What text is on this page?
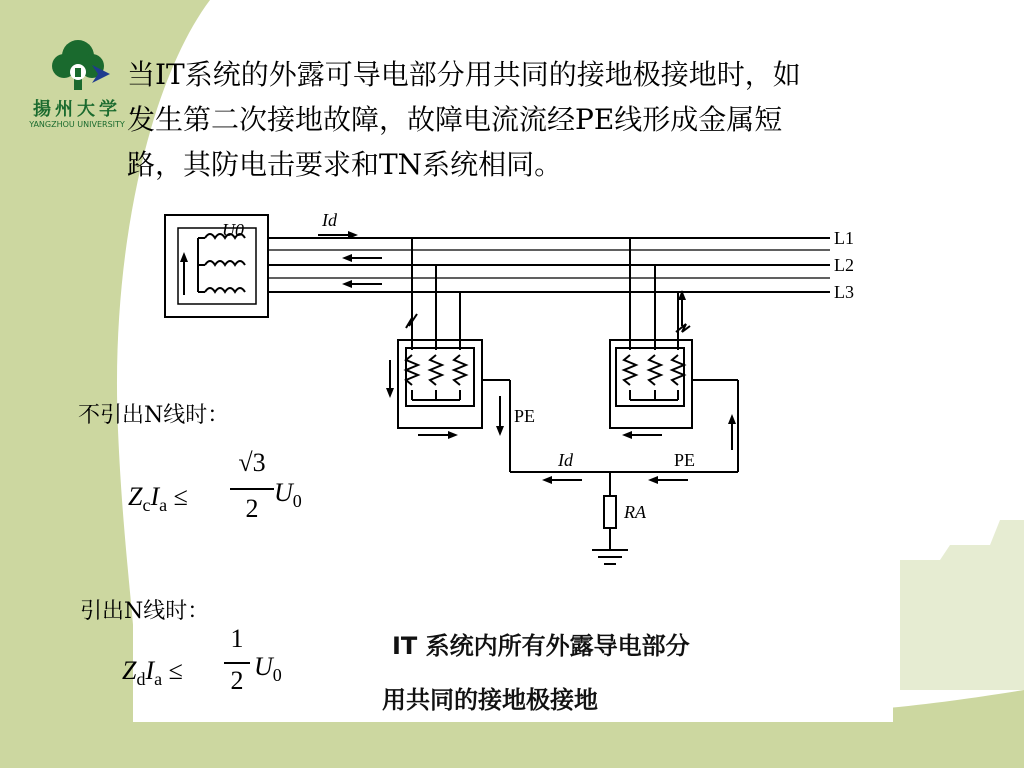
揚州大学
YANGZHOU UNIVERSITY
当IT系统的外露可导电部分用共同的接地极接地时，如
发生第二次接地故障，故障电流流经PE线形成金属短
路，其防电击要求和TN系统相同。
U0	L1
L2
L3
Id
PE
PE
Id
RA
不引出N线时：
引出N线时：
$Z_cI_a$ ≤
√3
2
$U_0$
$Z_dI_a$ ≤
1
2 $U_0$
IT 系统内所有外露导电部分
用共同的接地极接地
